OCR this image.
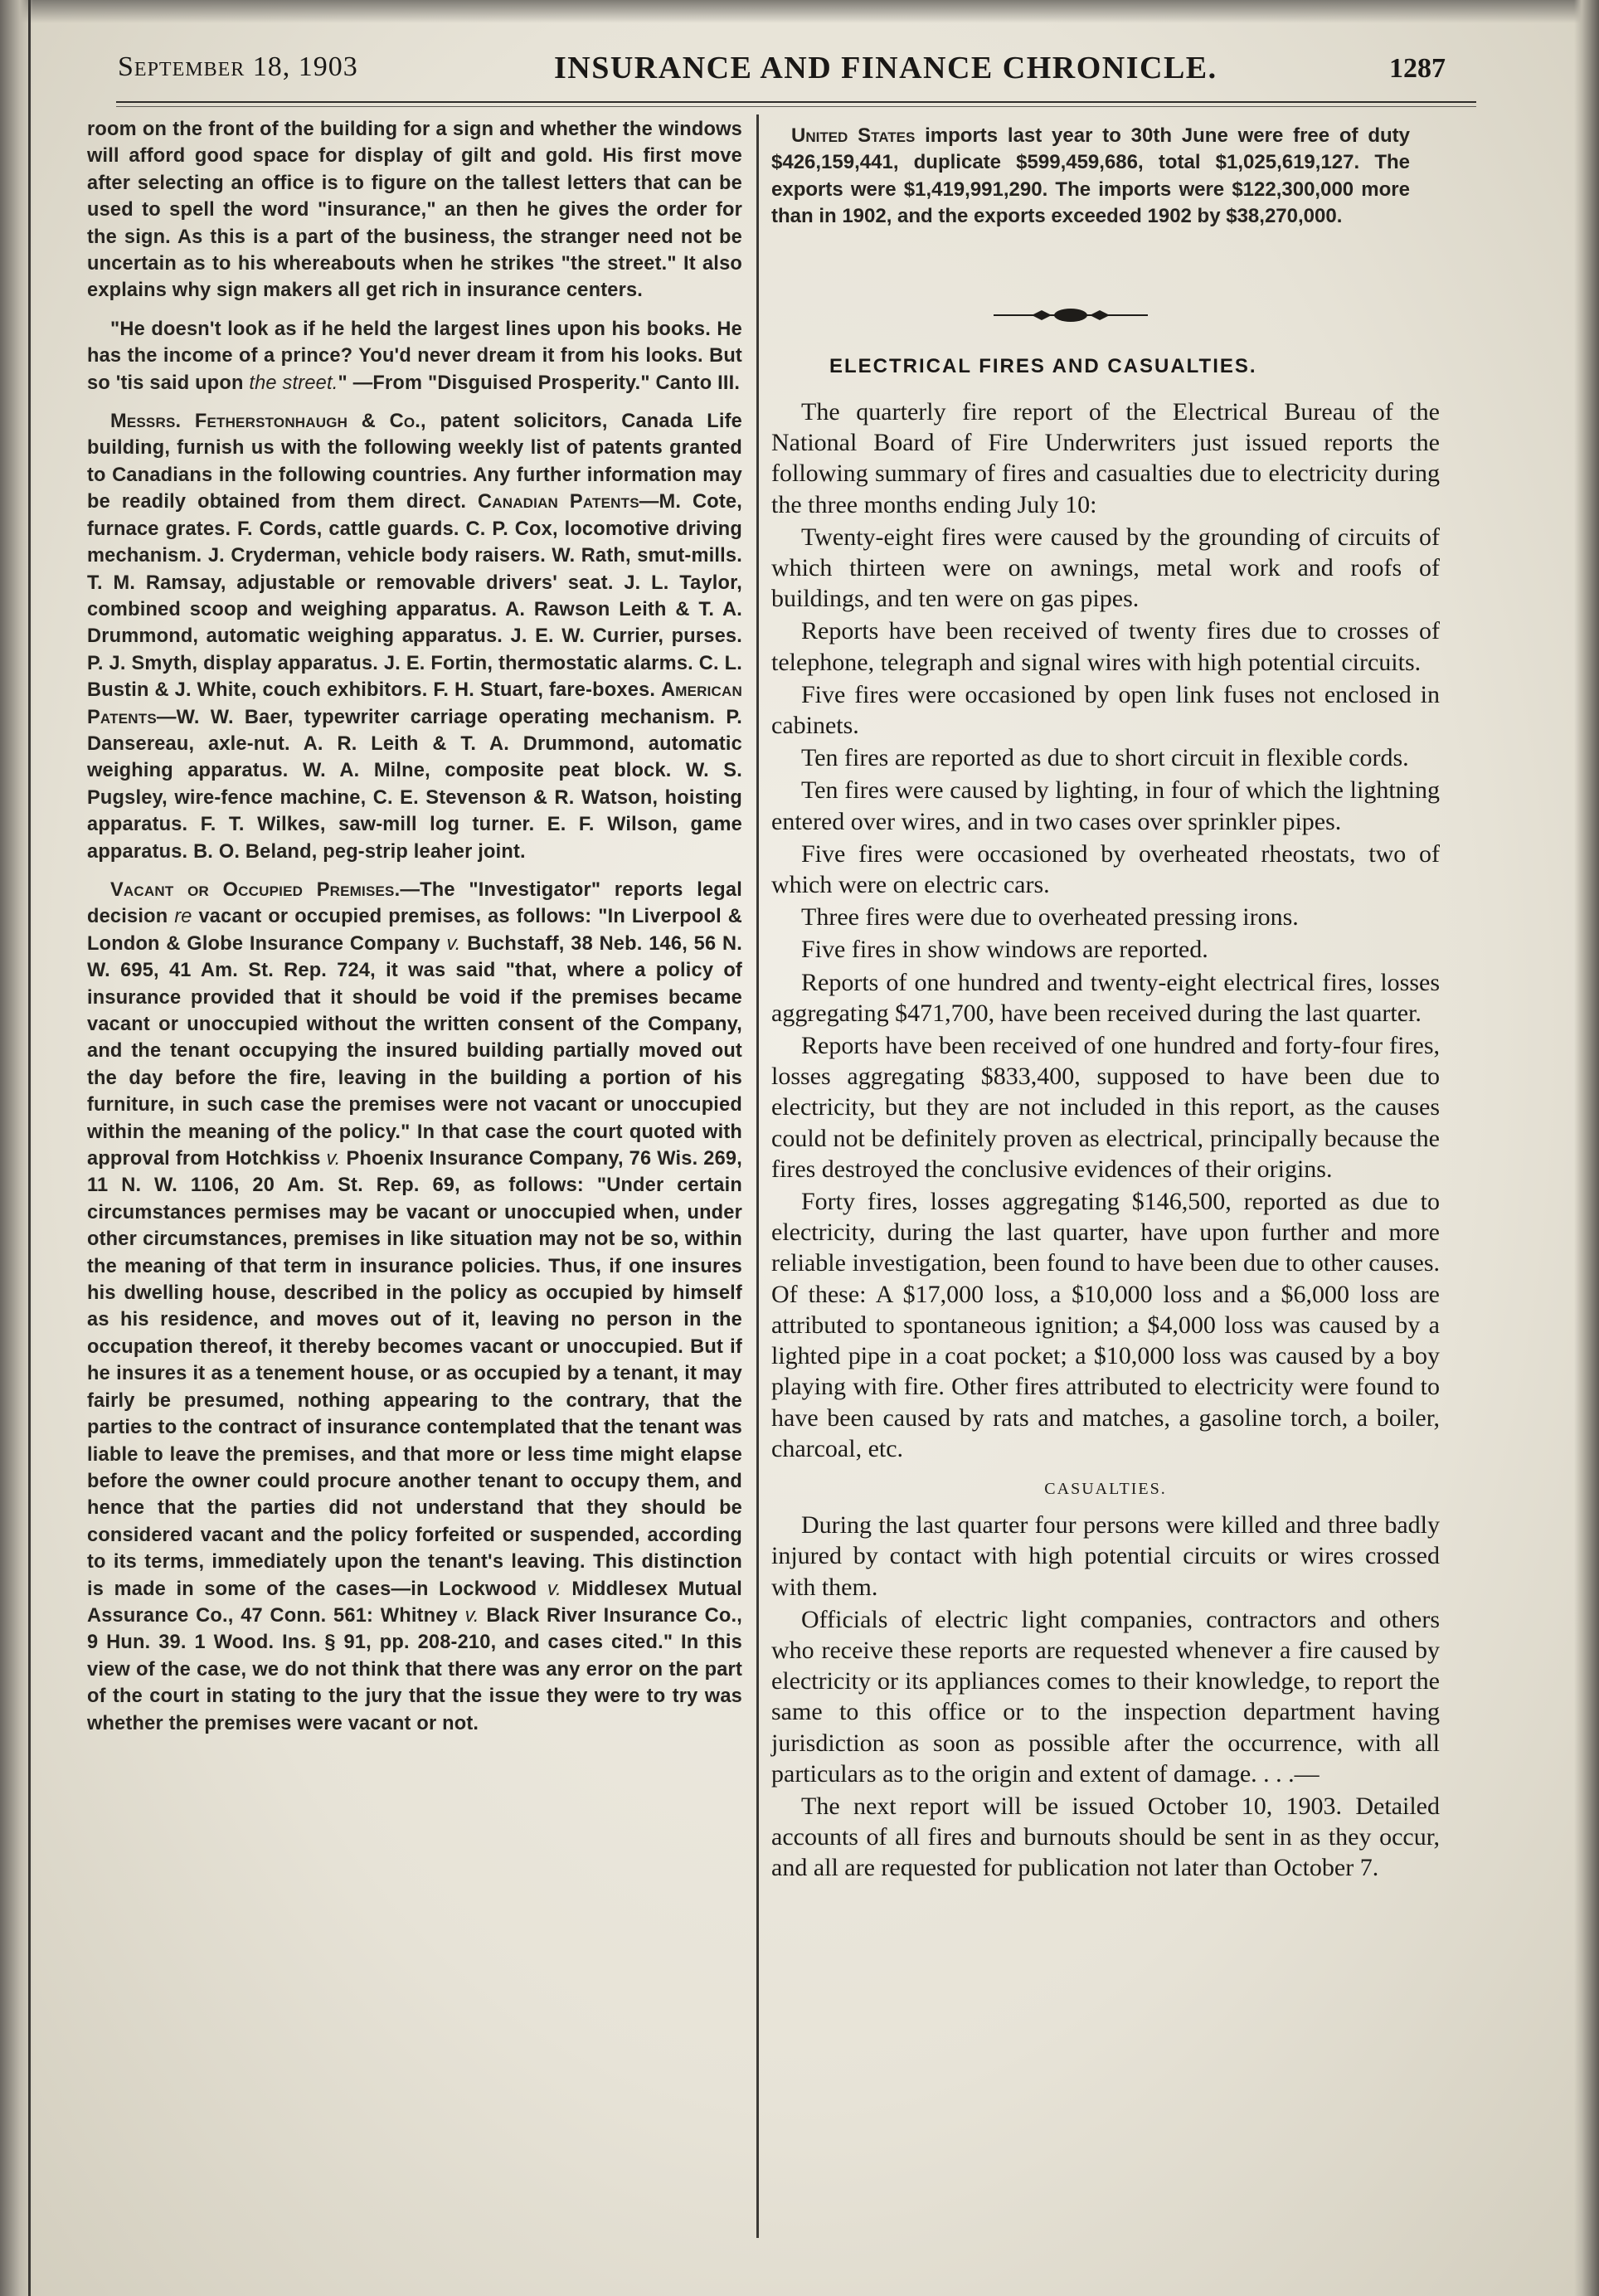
September 18, 1903	INSURANCE AND FINANCE CHRONICLE.	1287

room on the front of the building for a sign and whether the windows will afford good space for display of gilt and gold. His first move after selecting an office is to figure on the tallest letters that can be used to spell the word "insurance," an then he gives the order for the sign. As this is a part of the business, the stranger need not be uncertain as to his whereabouts when he strikes "the street." It also explains why sign makers all get rich in insurance centers.

"He doesn't look as if he held the largest lines upon his books. He has the income of a prince? You'd never dream it from his looks. But so 'tis said upon the street." —From "Disguised Prosperity." Canto III.

Messrs. Fetherstonhaugh & Co., patent solicitors, Canada Life building, furnish us with the following weekly list of patents granted to Canadians in the following countries. Any further information may be readily obtained from them direct. Canadian Patents—M. Cote, furnace grates. F. Cords, cattle guards. C. P. Cox, locomotive driving mechanism. J. Cryderman, vehicle body raisers. W. Rath, smut-mills. T. M. Ramsay, adjustable or removable drivers' seat. J. L. Taylor, combined scoop and weighing apparatus. A. Rawson Leith & T. A. Drummond, automatic weighing apparatus. J. E. W. Currier, purses. P. J. Smyth, display apparatus. J. E. Fortin, thermostatic alarms. C. L. Bustin & J. White, couch exhibitors. F. H. Stuart, fare-boxes. American Patents—W. W. Baer, typewriter carriage operating mechanism. P. Dansereau, axle-nut. A. R. Leith & T. A. Drummond, automatic weighing apparatus. W. A. Milne, composite peat block. W. S. Pugsley, wire-fence machine, C. E. Stevenson & R. Watson, hoisting apparatus. F. T. Wilkes, saw-mill log turner. E. F. Wilson, game apparatus. B. O. Beland, peg-strip leaher joint.

Vacant or Occupied Premises.—The "Investigator" reports legal decision re vacant or occupied premises, as follows: "In Liverpool & London & Globe Insurance Company v. Buchstaff, 38 Neb. 146, 56 N. W. 695, 41 Am. St. Rep. 724, it was said "that, where a policy of insurance provided that it should be void if the premises became vacant or unoccupied without the written consent of the Company, and the tenant occupying the insured building partially moved out the day before the fire, leaving in the building a portion of his furniture, in such case the premises were not vacant or unoccupied within the meaning of the policy." In that case the court quoted with approval from Hotchkiss v. Phoenix Insurance Company, 76 Wis. 269, 11 N. W. 1106, 20 Am. St. Rep. 69, as follows: "Under certain circumstances permises may be vacant or unoccupied when, under other circumstances, premises in like situation may not be so, within the meaning of that term in insurance policies. Thus, if one insures his dwelling house, described in the policy as occupied by himself as his residence, and moves out of it, leaving no person in the occupation thereof, it thereby becomes vacant or unoccupied. But if he insures it as a tenement house, or as occupied by a tenant, it may fairly be presumed, nothing appearing to the contrary, that the parties to the contract of insurance contemplated that the tenant was liable to leave the premises, and that more or less time might elapse before the owner could procure another tenant to occupy them, and hence that the parties did not understand that they should be considered vacant and the policy forfeited or suspended, according to its terms, immediately upon the tenant's leaving. This distinction is made in some of the cases—in Lockwood v. Middlesex Mutual Assurance Co., 47 Conn. 561: Whitney v. Black River Insurance Co., 9 Hun. 39. 1 Wood. Ins. § 91, pp. 208-210, and cases cited." In this view of the case, we do not think that there was any error on the part of the court in stating to the jury that the issue they were to try was whether the premises were vacant or not.

United States imports last year to 30th June were free of duty $426,159,441, duplicate $599,459,686, total $1,025,619,127. The exports were $1,419,991,290. The imports were $122,300,000 more than in 1902, and the exports exceeded 1902 by $38,270,000.

ELECTRICAL FIRES AND CASUALTIES.

The quarterly fire report of the Electrical Bureau of the National Board of Fire Underwriters just issued reports the following summary of fires and casualties due to electricity during the three months ending July 10:

Twenty-eight fires were caused by the grounding of circuits of which thirteen were on awnings, metal work and roofs of buildings, and ten were on gas pipes.

Reports have been received of twenty fires due to crosses of telephone, telegraph and signal wires with high potential circuits.

Five fires were occasioned by open link fuses not enclosed in cabinets.

Ten fires are reported as due to short circuit in flexible cords.

Ten fires were caused by lighting, in four of which the lightning entered over wires, and in two cases over sprinkler pipes.

Five fires were occasioned by overheated rheostats, two of which were on electric cars.

Three fires were due to overheated pressing irons.

Five fires in show windows are reported.

Reports of one hundred and twenty-eight electrical fires, losses aggregating $471,700, have been received during the last quarter.

Reports have been received of one hundred and forty-four fires, losses aggregating $833,400, supposed to have been due to electricity, but they are not included in this report, as the causes could not be definitely proven as electrical, principally because the fires destroyed the conclusive evidences of their origins.

Forty fires, losses aggregating $146,500, reported as due to electricity, during the last quarter, have upon further and more reliable investigation, been found to have been due to other causes. Of these: A $17,000 loss, a $10,000 loss and a $6,000 loss are attributed to spontaneous ignition; a $4,000 loss was caused by a lighted pipe in a coat pocket; a $10,000 loss was caused by a boy playing with fire. Other fires attributed to electricity were found to have been caused by rats and matches, a gasoline torch, a boiler, charcoal, etc.

CASUALTIES.

During the last quarter four persons were killed and three badly injured by contact with high potential circuits or wires crossed with them.

Officials of electric light companies, contractors and others who receive these reports are requested whenever a fire caused by electricity or its appliances comes to their knowledge, to report the same to this office or to the inspection department having jurisdiction as soon as possible after the occurrence, with all particulars as to the origin and extent of damage. . . .—

The next report will be issued October 10, 1903. Detailed accounts of all fires and burnouts should be sent in as they occur, and all are requested for publication not later than October 7.
